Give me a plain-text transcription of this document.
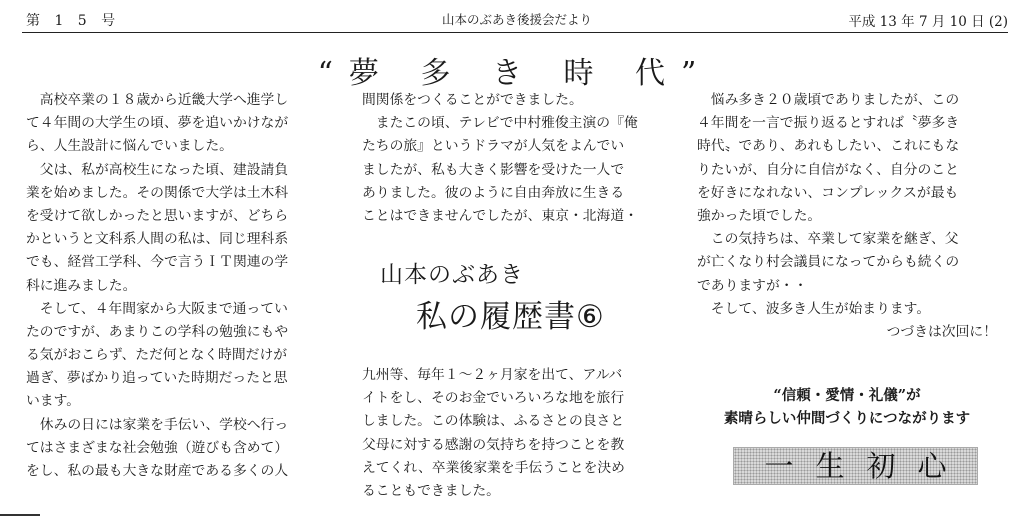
第 1 5 号	山本のぶあき後援会だより	平成 13 年 7 月 10 日 (2)
“夢 多 き 時 代”
　高校卒業の１８歳から近畿大学へ進学し
て４年間の大学生の頃、夢を追いかけなが
ら、人生設計に悩んでいました。
　父は、私が高校生になった頃、建設請負
業を始めました。その関係で大学は土木科
を受けて欲しかったと思いますが、どちら
かというと文科系人間の私は、同じ理科系
でも、経営工学科、今で言うＩＴ関連の学
科に進みました。
　そして、４年間家から大阪まで通ってい
たのですが、あまりこの学科の勉強にもや
る気がおこらず、ただ何となく時間だけが
過ぎ、夢ばかり追っていた時期だったと思
います。
　休みの日には家業を手伝い、学校へ行っ
てはさまざまな社会勉強（遊びも含めて）
をし、私の最も大きな財産である多くの人
間関係をつくることができました。
　またこの頃、テレビで中村雅俊主演の『俺
たちの旅』というドラマが人気をよんでい
ましたが、私も大きく影響を受けた一人で
ありました。彼のように自由奔放に生きる
ことはできませんでしたが、東京・北海道・
山本のぶあき
私の履歴書⑥
九州等、毎年１～２ヶ月家を出て、アルバ
イトをし、そのお金でいろいろな地を旅行
しました。この体験は、ふるさとの良さと
父母に対する感謝の気持ちを持つことを教
えてくれ、卒業後家業を手伝うことを決め
ることもできました。
　悩み多き２０歳頃でありましたが、この
４年間を一言で振り返るとすれば〝夢多き
時代〟であり、あれもしたい、これにもな
りたいが、自分に自信がなく、自分のこと
を好きになれない、コンプレックスが最も
強かった頃でした。
　この気持ちは、卒業して家業を継ぎ、父
が亡くなり村会議員になってからも続くの
でありますが・・
　そして、波多き人生が始まります。
つづきは次回に！
“信頼・愛情・礼儀”が
素晴らしい仲間づくりにつながります
一生初心
